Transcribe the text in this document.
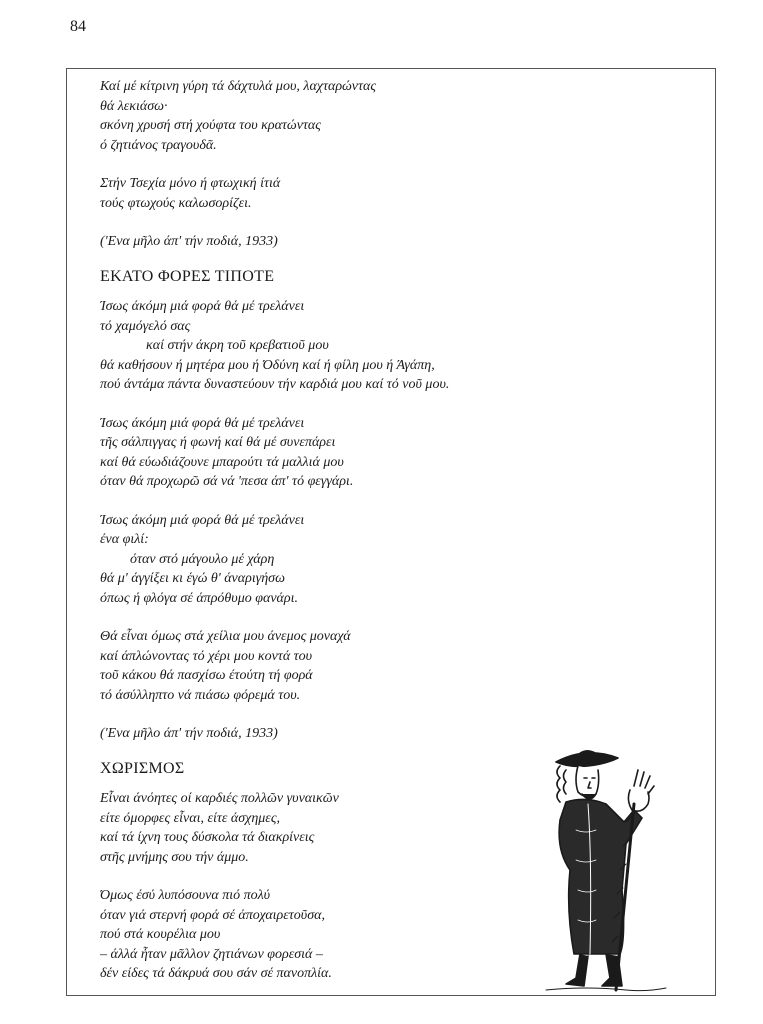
84
Καί μέ κίτρινη γύρη τά δάχτυλά μου, λαχταρώντας
θά λεκιάσω·
σκόνη χρυσή στή χούφτα του κρατώντας
ό ζητιάνος τραγουδᾶ.
Στήν Τσεχία μόνο ή φτωχική ίτιά
τούς φτωχούς καλωσορίζει.
('Ενα μῆλο άπ' τήν ποδιά, 1933)
ΕΚΑΤΟ ΦΟΡΕΣ ΤΙΠΟΤΕ
Ίσως άκόμη μιά φορά θά μέ τρελάνει
τό χαμόγελό σας
καί στήν άκρη τοῦ κρεβατιοῦ μου
θά καθήσουν ή μητέρα μου ή Όδύνη καί ή φίλη μου ή Άγάπη,
πού άντάμα πάντα δυναστεύουν τήν καρδιά μου καί τό νοῦ μου.
Ίσως άκόμη μιά φορά θά μέ τρελάνει
τῆς σάλπιγγας ή φωνή καί θά μέ συνεπάρει
καί θά εύωδιάζουνε μπαρούτι τά μαλλιά μου
όταν θά προχωρῶ σά νά 'πεσα άπ' τό φεγγάρι.
Ίσως άκόμη μιά φορά θά μέ τρελάνει
ένα φιλί:
όταν στό μάγουλο μέ χάρη
θά μ' άγγίξει κι έγώ θ' άναριγήσω
όπως ή φλόγα σέ άπρόθυμο φανάρι.
Θά εἶναι όμως στά χείλια μου άνεμος μοναχά
καί άπλώνοντας τό χέρι μου κοντά του
τοῦ κάκου θά πασχίσω έτούτη τή φορά
τό άσύλληπτο νά πιάσω φόρεμά του.
('Ενα μῆλο άπ' τήν ποδιά, 1933)
ΧΩΡΙΣΜΟΣ
Εἶναι άνόητες οί καρδιές πολλῶν γυναικῶν
είτε όμορφες εἶναι, είτε άσχημες,
καί τά ίχνη τους δύσκολα τά διακρίνεις
στῆς μνήμης σου τήν άμμο.
Όμως έσύ λυπόσουνα πιό πολύ
όταν γιά στερνή φορά σέ άποχαιρετοῦσα,
πού στά κουρέλια μου
– άλλά ἦταν μᾶλλον ζητιάνων φορεσιά –
δέν είδες τά δάκρυά σου σάν σέ πανοπλία.
